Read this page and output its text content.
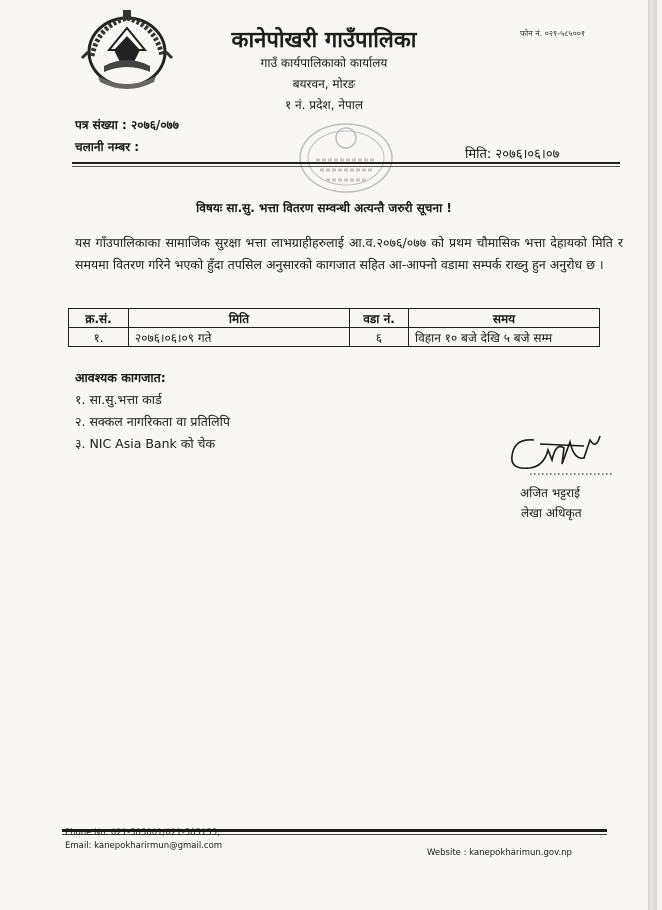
फोन नं. ०२१-५८५००१
कानेपोखरी गाउँपालिका
गाउँ कार्यपालिकाको कार्यालय
बयरवन, मोरङ
१ नं. प्रदेश, नेपाल
पत्र संख्या : २०७६/०७७
चलानी नम्बर :	मिति: २०७६।०६।०७
विषयः सा.सु. भत्ता वितरण सम्वन्धी अत्यन्तै जरुरी सूचना !
यस गाँउपालिकाका सामाजिक सुरक्षा भत्ता लाभग्राहीहरुलाई आ.व.२०७६/०७७ को प्रथम चौमासिक भत्ता देहायको मिति र समयमा वितरण गरिने भएको हुँदा तपसिल अनुसारको कागजात सहित आ-आफ्नो वडामा सम्पर्क राख्नु हुन अनुरोध छ ।
क्र.सं.	मिति	वडा नं.	समय
१.	२०७६।०६।०९ गते	६	विहान १० बजे देखि ५ बजे सम्म
आवश्यक कागजात:
१. सा.सु.भत्ता कार्ड
२. सक्कल नागरिकता वा प्रतिलिपि
३. NIC Asia Bank को चेक
अजित भट्टराई
लेखा अधिकृत
Phone No. 021-585001/021-585155,
Email: kanepokharirmun@gmail.com
Website : kanepokharimun.gov.np
